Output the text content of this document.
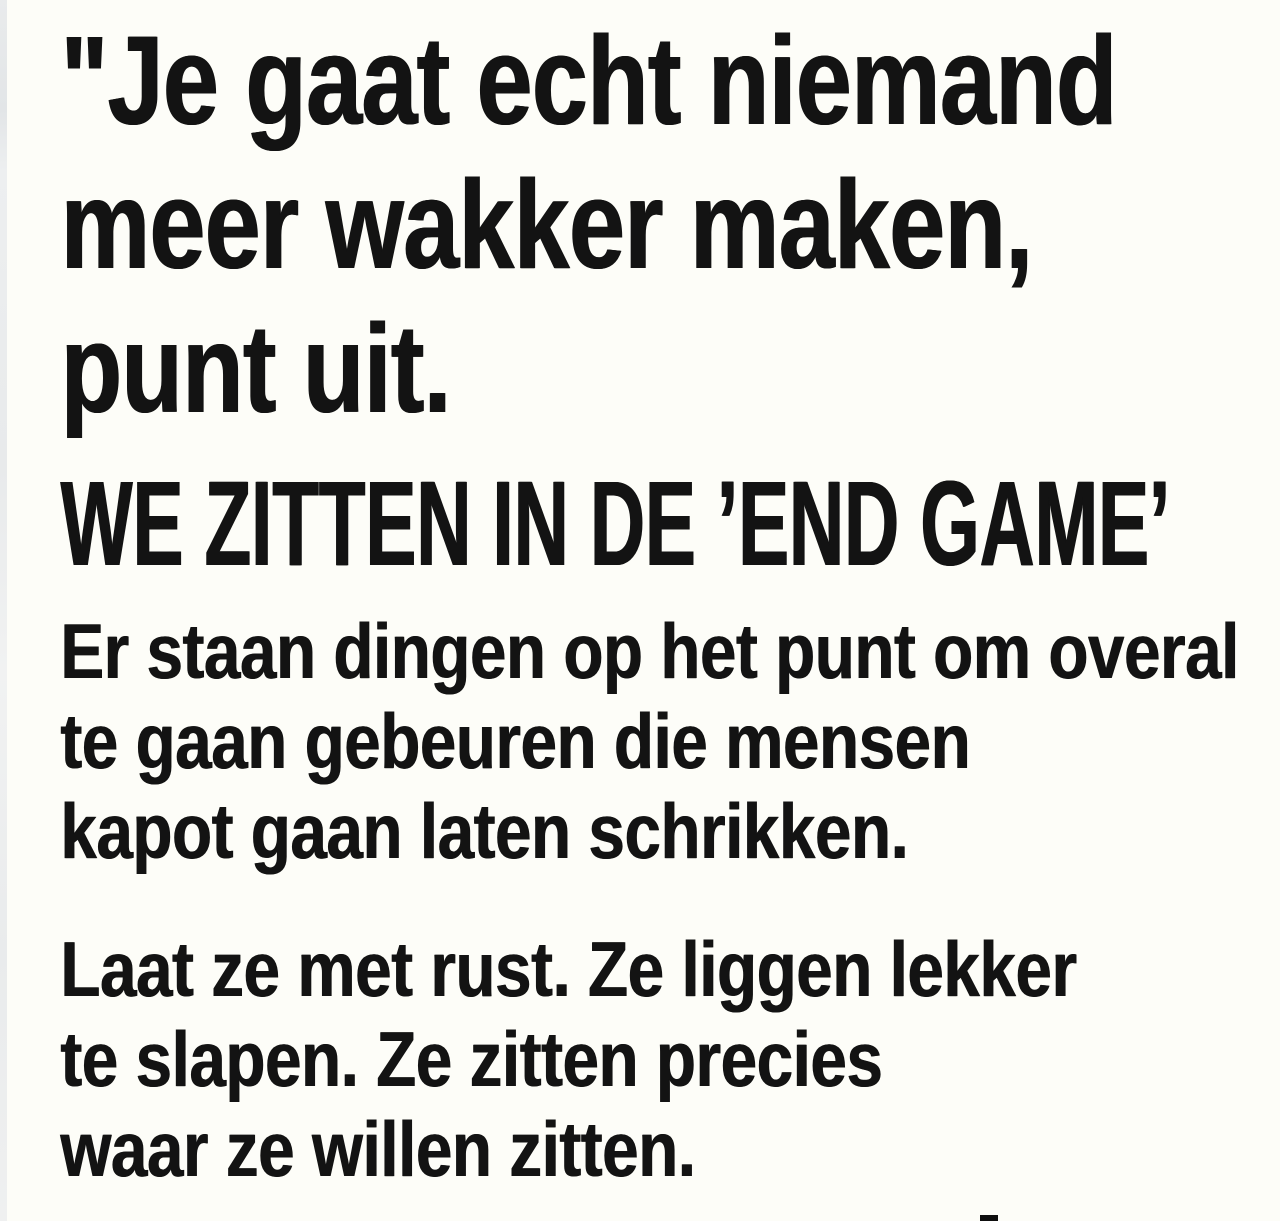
"Je gaat echt niemand
meer wakker maken,
punt uit.
WE ZITTEN IN DE ’END GAME’
Er staan dingen op het punt om overal
te gaan gebeuren die mensen
kapot gaan laten schrikken.
Laat ze met rust. Ze liggen lekker
te slapen. Ze zitten precies
waar ze willen zitten.
